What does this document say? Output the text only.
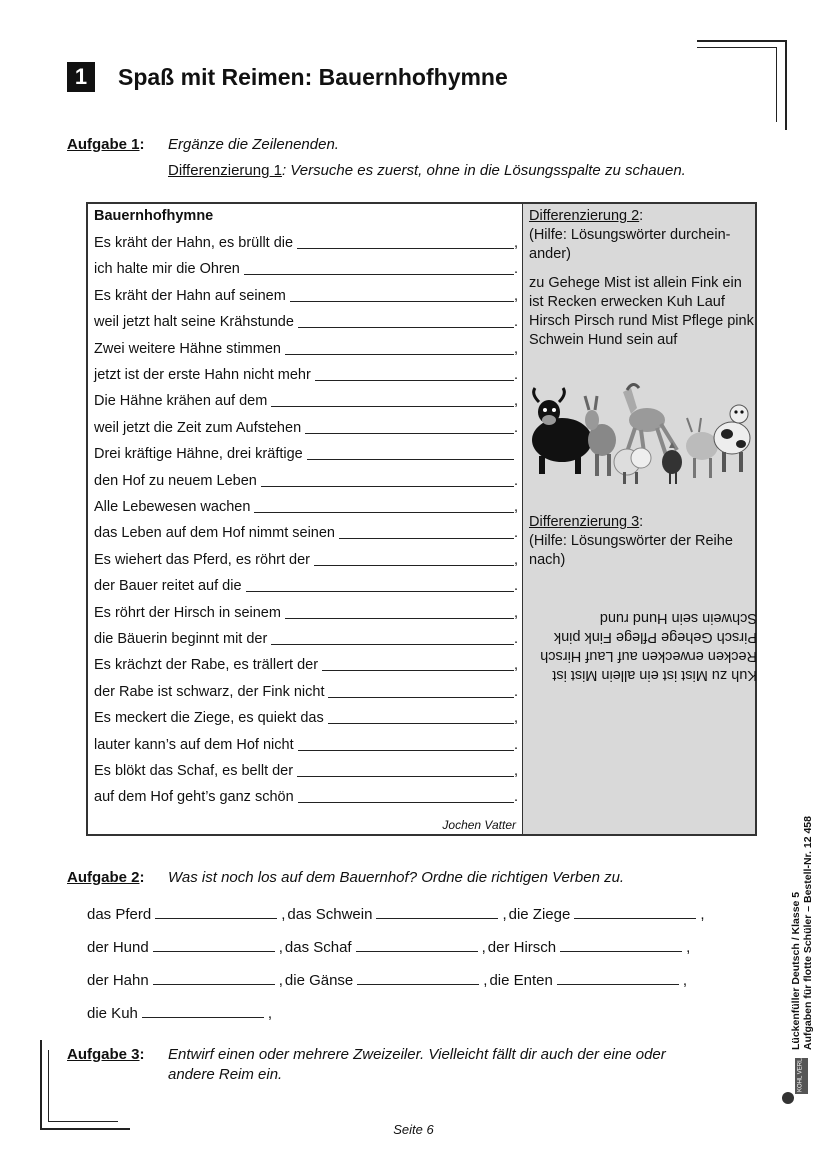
1	Spaß mit Reimen: Bauernhofhymne
Aufgabe 1: Ergänze die Zeilenenden.
Differenzierung 1: Versuche es zuerst, ohne in die Lösungsspalte zu schauen.
Bauernhofhymne
Es kräht der Hahn, es brüllt die	,
ich halte mir die Ohren	.
Es kräht der Hahn auf seinem	,
weil jetzt halt seine Krähstunde	.
Zwei weitere Hähne stimmen	,
jetzt ist der erste Hahn nicht mehr	.
Die Hähne krähen auf dem	,
weil jetzt die Zeit zum Aufstehen	.
Drei kräftige Hähne, drei kräftige
den Hof zu neuem Leben	.
Alle Lebewesen wachen	,
das Leben auf dem Hof nimmt seinen	.
Es wiehert das Pferd, es röhrt der	,
der Bauer reitet auf die	.
Es röhrt der Hirsch in seinem	,
die Bäuerin beginnt mit der	.
Es krächzt der Rabe, es trällert der	,
der Rabe ist schwarz, der Fink nicht	.
Es meckert die Ziege, es quiekt das	,
lauter kann’s auf dem Hof nicht	.
Es blökt das Schaf, es bellt der	,
auf dem Hof geht’s ganz schön	.
Jochen Vatter
Differenzierung 2:
(Hilfe: Lösungswörter durchein-ander)
zu Gehege Mist ist allein Fink ein ist Recken erwecken Kuh Lauf Hirsch Pirsch rund Mist Pflege pink Schwein Hund sein auf
Differenzierung 3:
(Hilfe: Lösungswörter der Reihe nach)
Kuh zu Mist ist ein allein Mist ist Recken erwecken auf Lauf Hirsch Pirsch Gehege Pflege Fink pink Schwein sein Hund rund
Aufgabe 2: Was ist noch los auf dem Bauernhof? Ordne die richtigen Verben zu.
das Pferd	, das Schwein	, die Ziege	,
der Hund	, das Schaf	, der Hirsch	,
der Hahn	, die Gänse	, die Enten	,
die Kuh	,
Aufgabe 3: Entwirf einen oder mehrere Zweizeiler. Vielleicht fällt dir auch der eine oder
andere Reim ein.
Lückenfüller Deutsch / Klasse 5 Aufgaben für flotte Schüler – Bestell-Nr. 12 458
KOHL VERLAG
Seite 6
